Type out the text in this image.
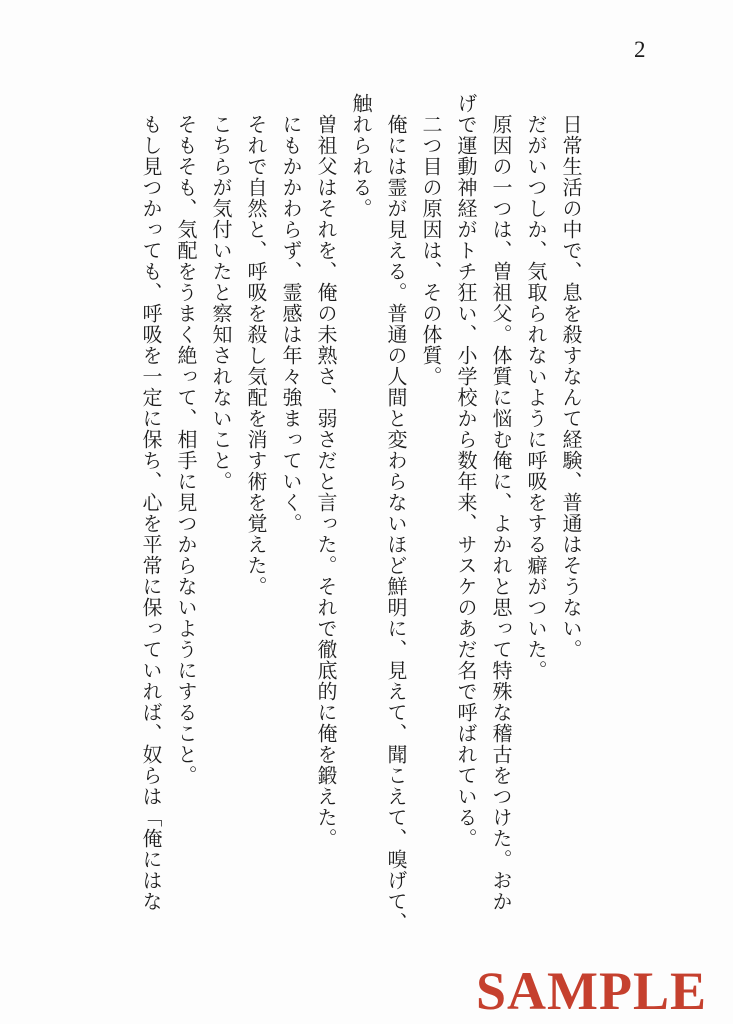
2
　日常生活の中で、息を殺すなんて経験、普通はそうない。
　だがいつしか、気取られないように呼吸をする癖がついた。
　原因の一つは、曽祖父。体質に悩む俺に、よかれと思って特殊な稽古をつけた。おか
げで運動神経がトチ狂い、小学校から数年来、サスケのあだ名で呼ばれている。
　二つ目の原因は、その体質。
　俺には霊が見える。普通の人間と変わらないほど鮮明に、見えて、聞こえて、嗅げて、
触れられる。
　曽祖父はそれを、俺の未熟さ、弱さだと言った。それで徹底的に俺を鍛えた。
　にもかかわらず、霊感は年々強まっていく。
　それで自然と、呼吸を殺し気配を消す術を覚えた。
　こちらが気付いたと察知されないこと。
　そもそも、気配をうまく絶って、相手に見つからないようにすること。
　もし見つかっても、呼吸を一定に保ち、心を平常に保っていれば、奴らは「俺にはな
SAMPLE
